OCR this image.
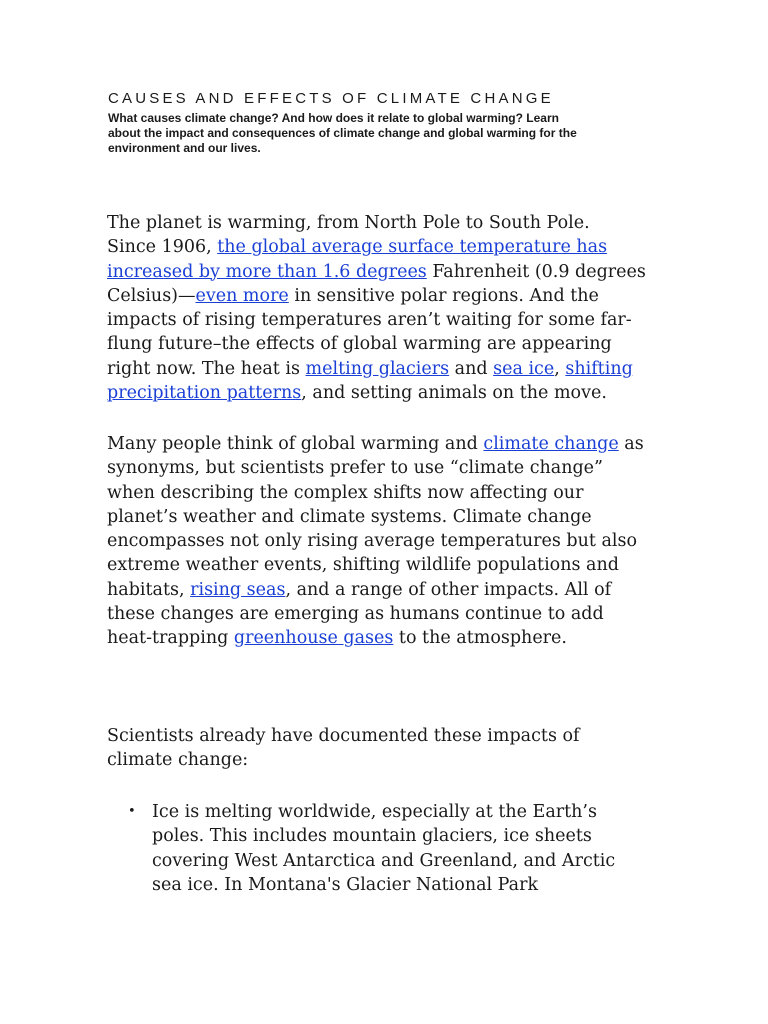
CAUSES AND EFFECTS OF CLIMATE CHANGE

What causes climate change? And how does it relate to global warming? Learn
about the impact and consequences of climate change and global warming for the
environment and our lives.

The planet is warming, from North Pole to South Pole.
Since 1906, the global average surface temperature has
increased by more than 1.6 degrees Fahrenheit (0.9 degrees
Celsius)—even more in sensitive polar regions. And the
impacts of rising temperatures aren’t waiting for some far-
flung future–the effects of global warming are appearing
right now. The heat is melting glaciers and sea ice, shifting
precipitation patterns, and setting animals on the move.

Many people think of global warming and climate change as
synonyms, but scientists prefer to use “climate change”
when describing the complex shifts now affecting our
planet’s weather and climate systems. Climate change
encompasses not only rising average temperatures but also
extreme weather events, shifting wildlife populations and
habitats, rising seas, and a range of other impacts. All of
these changes are emerging as humans continue to add
heat-trapping greenhouse gases to the atmosphere.

Scientists already have documented these impacts of
climate change:

• Ice is melting worldwide, especially at the Earth’s
poles. This includes mountain glaciers, ice sheets
covering West Antarctica and Greenland, and Arctic
sea ice. In Montana's Glacier National Park
